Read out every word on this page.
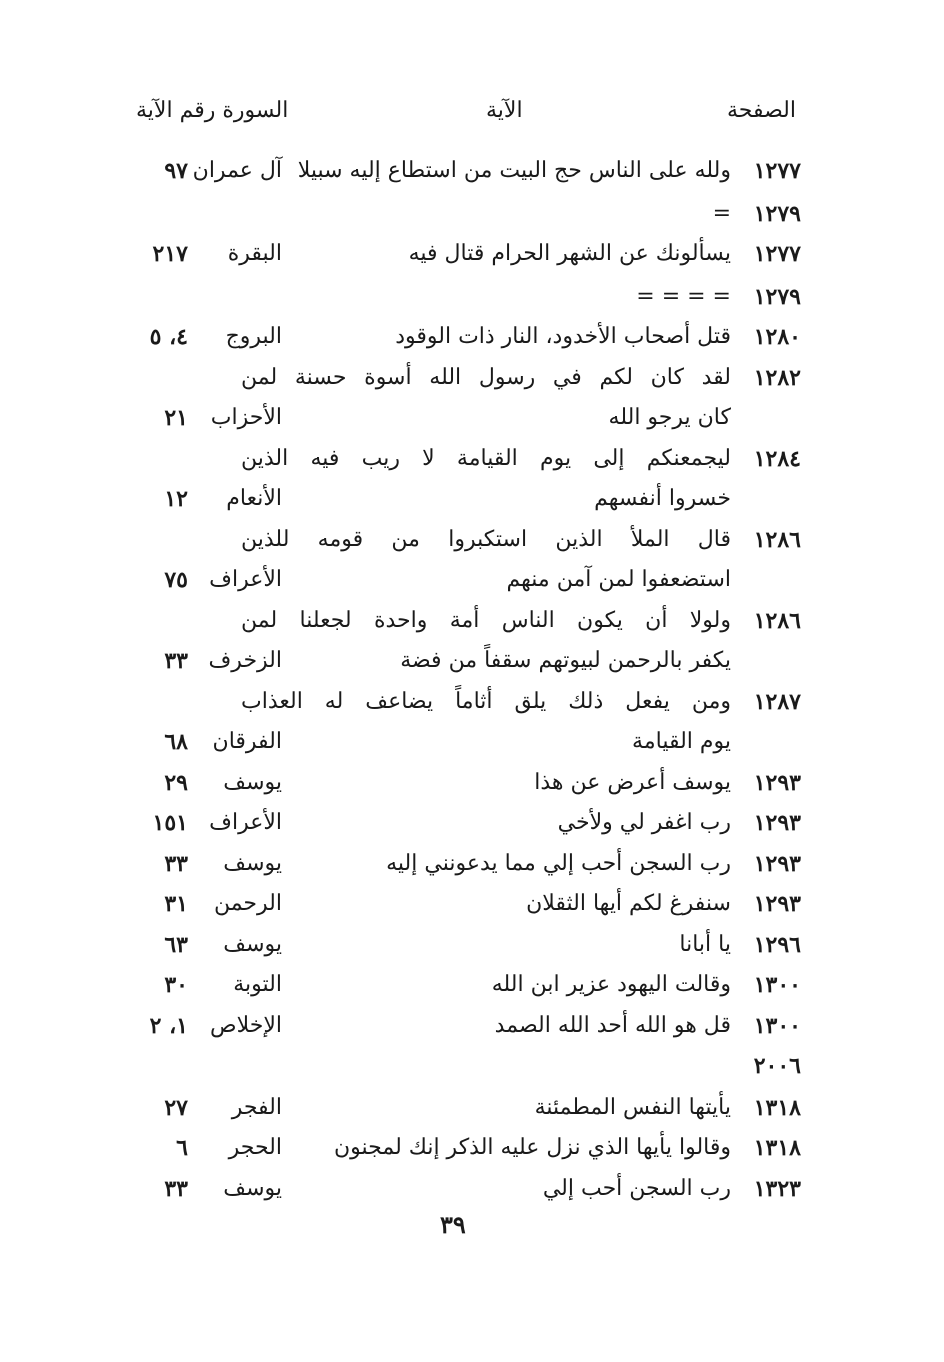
الصفحة
الآية
السورة رقم الآية
١٢٧٧
ولله على الناس حج البيت من استطاع إليه سبيلا
آل عمران
٩٧
١٢٧٩
=
١٢٧٧
يسألونك عن الشهر الحرام قتال فيه
البقرة
٢١٧
١٢٧٩
= = = =
١٢٨٠
قتل أصحاب الأخدود، النار ذات الوقود
البروج
٤، ٥
١٢٨٢
لقد كان لكم في رسول الله أسوة حسنة لمن
كان يرجو الله
الأحزاب
٢١
١٢٨٤
ليجمعنكم إلى يوم القيامة لا ريب فيه الذين
خسروا أنفسهم
الأنعام
١٢
١٢٨٦
قال الملأ الذين استكبروا من قومه للذين
استضعفوا لمن آمن منهم
الأعراف
٧٥
١٢٨٦
ولولا أن يكون الناس أمة واحدة لجعلنا لمن
يكفر بالرحمن لبيوتهم سقفاً من فضة
الزخرف
٣٣
١٢٨٧
ومن يفعل ذلك يلق أثاماً يضاعف له العذاب
يوم القيامة
الفرقان
٦٨
١٢٩٣
يوسف أعرض عن هذا
يوسف
٢٩
١٢٩٣
رب اغفر لي ولأخي
الأعراف
١٥١
١٢٩٣
رب السجن أحب إلي مما يدعونني إليه
يوسف
٣٣
١٢٩٣
سنفرغ لكم أيها الثقلان
الرحمن
٣١
١٢٩٦
يا أبانا
يوسف
٦٣
١٣٠٠
وقالت اليهود عزير ابن الله
التوبة
٣٠
١٣٠٠
قل هو الله أحد الله الصمد
الإخلاص
١، ٢
٢٠٠٦
١٣١٨
يأيتها النفس المطمئنة
الفجر
٢٧
١٣١٨
وقالوا يأيها الذي نزل عليه الذكر إنك لمجنون
الحجر
٦
١٣٢٣
رب السجن أحب إلي
يوسف
٣٣
٣٩
